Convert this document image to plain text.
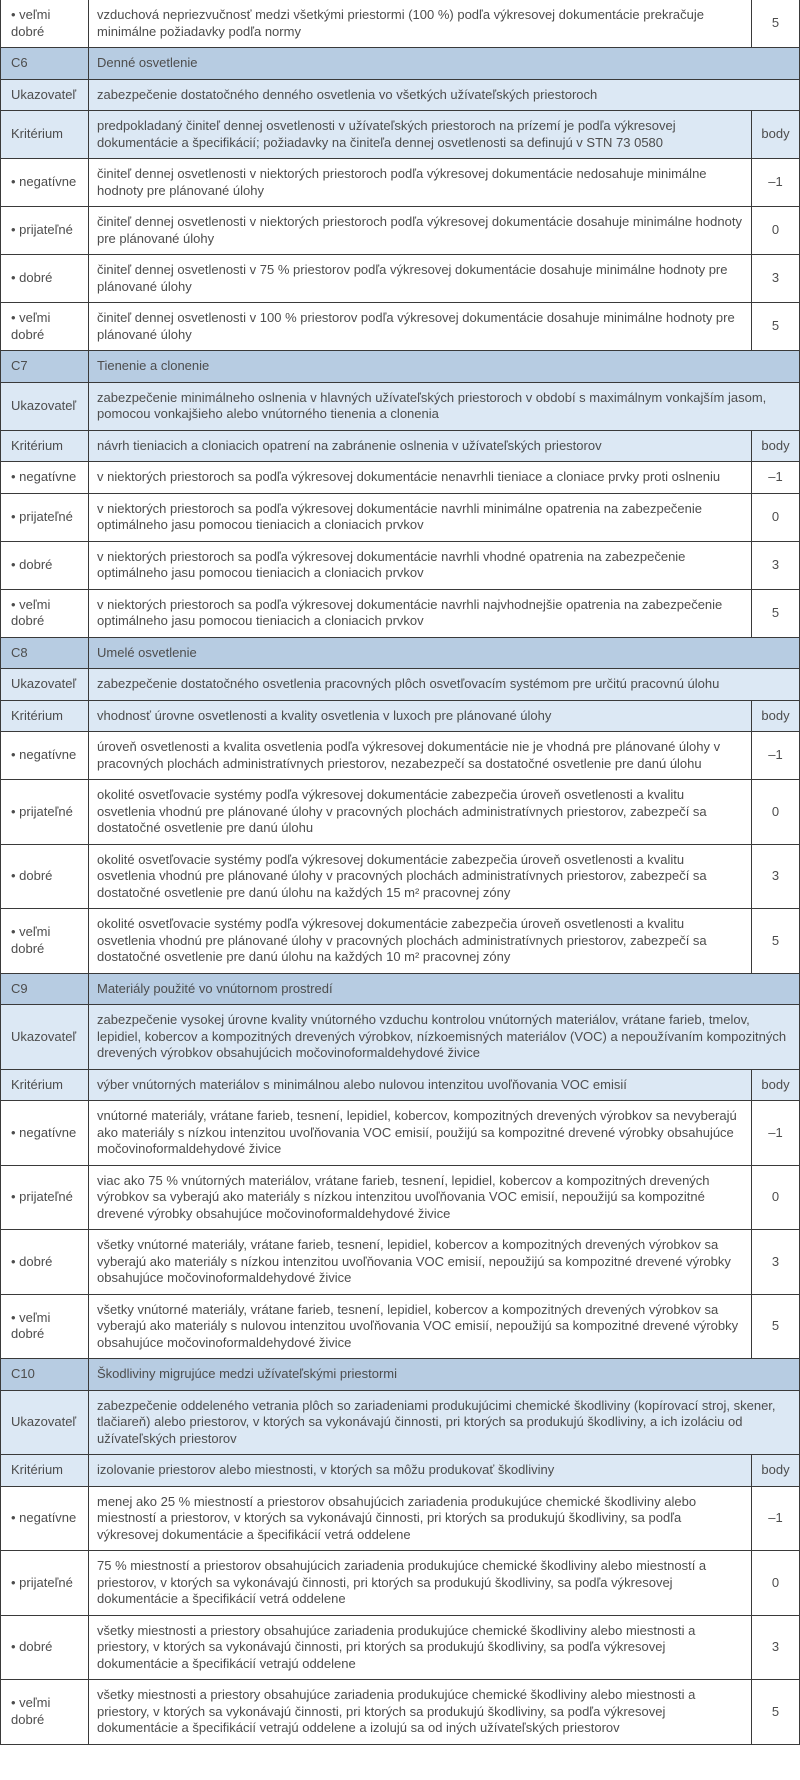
• veľmi dobré	vzduchová nepriezvučnosť medzi všetkými priestormi (100 %) podľa výkresovej dokumentácie prekračuje minimálne požiadavky podľa normy	5
C6	Denné osvetlenie	
Ukazovateľ	zabezpečenie dostatočného denného osvetlenia vo všetkých užívateľských priestoroch	
Kritérium	predpokladaný činiteľ dennej osvetlenosti v užívateľských priestoroch na prízemí je podľa výkresovej dokumentácie a špecifikácií; požiadavky na činiteľa dennej osvetlenosti sa definujú v STN 73 0580	body
• negatívne	činiteľ dennej osvetlenosti v niektorých priestoroch podľa výkresovej dokumentácie nedosahuje minimálne hodnoty pre plánované úlohy	–1
• prijateľné	činiteľ dennej osvetlenosti v niektorých priestoroch podľa výkresovej dokumentácie dosahuje minimálne hodnoty pre plánované úlohy	0
• dobré	činiteľ dennej osvetlenosti v 75 % priestorov podľa výkresovej dokumentácie dosahuje minimálne hodnoty pre plánované úlohy	3
• veľmi dobré	činiteľ dennej osvetlenosti v 100 % priestorov podľa výkresovej dokumentácie dosahuje minimálne hodnoty pre plánované úlohy	5
C7	Tienenie a clonenie	
Ukazovateľ	zabezpečenie minimálneho oslnenia v hlavných užívateľských priestoroch v období s maximálnym vonkajším jasom, pomocou vonkajšieho alebo vnútorného tienenia a clonenia	
Kritérium	návrh tieniacich a cloniacich opatrení na zabránenie oslnenia v užívateľských priestorov	body
• negatívne	v niektorých priestoroch sa podľa výkresovej dokumentácie nenavrhli tieniace a cloniace prvky proti oslneniu	–1
• prijateľné	v niektorých priestoroch sa podľa výkresovej dokumentácie navrhli minimálne opatrenia na zabezpečenie optimálneho jasu pomocou tieniacich a cloniacich prvkov	0
• dobré	v niektorých priestoroch sa podľa výkresovej dokumentácie navrhli vhodné opatrenia na zabezpečenie optimálneho jasu pomocou tieniacich a cloniacich prvkov	3
• veľmi dobré	v niektorých priestoroch sa podľa výkresovej dokumentácie navrhli najvhodnejšie opatrenia na zabezpečenie optimálneho jasu pomocou tieniacich a cloniacich prvkov	5
C8	Umelé osvetlenie	
Ukazovateľ	zabezpečenie dostatočného osvetlenia pracovných plôch osvetľovacím systémom pre určitú pracovnú úlohu	
Kritérium	vhodnosť úrovne osvetlenosti a kvality osvetlenia v luxoch pre plánované úlohy	body
• negatívne	úroveň osvetlenosti a kvalita osvetlenia podľa výkresovej dokumentácie nie je vhodná pre plánované úlohy v pracovných plochách administratívnych priestorov, nezabezpečí sa dostatočné osvetlenie pre danú úlohu	–1
• prijateľné	okolité osvetľovacie systémy podľa výkresovej dokumentácie zabezpečia úroveň osvetlenosti a kvalitu osvetlenia vhodnú pre plánované úlohy v pracovných plochách administratívnych priestorov, zabezpečí sa dostatočné osvetlenie pre danú úlohu	0
• dobré	okolité osvetľovacie systémy podľa výkresovej dokumentácie zabezpečia úroveň osvetlenosti a kvalitu osvetlenia vhodnú pre plánované úlohy v pracovných plochách administratívnych priestorov, zabezpečí sa dostatočné osvetlenie pre danú úlohu na každých 15 m² pracovnej zóny	3
• veľmi dobré	okolité osvetľovacie systémy podľa výkresovej dokumentácie zabezpečia úroveň osvetlenosti a kvalitu osvetlenia vhodnú pre plánované úlohy v pracovných plochách administratívnych priestorov, zabezpečí sa dostatočné osvetlenie pre danú úlohu na každých 10 m² pracovnej zóny	5
C9	Materiály použité vo vnútornom prostredí	
Ukazovateľ	zabezpečenie vysokej úrovne kvality vnútorného vzduchu kontrolou vnútorných materiálov, vrátane farieb, tmelov, lepidiel, kobercov a kompozitných drevených výrobkov, nízkoemisných materiálov (VOC) a nepoužívaním kompozitných drevených výrobkov obsahujúcich močovinoformaldehydové živice	
Kritérium	výber vnútorných materiálov s minimálnou alebo nulovou intenzitou uvoľňovania VOC emisií	body
• negatívne	vnútorné materiály, vrátane farieb, tesnení, lepidiel, kobercov, kompozitných drevených výrobkov sa nevyberajú ako materiály s nízkou intenzitou uvoľňovania VOC emisií, použijú sa kompozitné drevené výrobky obsahujúce močovinoformaldehydové živice	–1
• prijateľné	viac ako 75 % vnútorných materiálov, vrátane farieb, tesnení, lepidiel, kobercov a kompozitných drevených výrobkov sa vyberajú ako materiály s nízkou intenzitou uvoľňovania VOC emisií, nepoužijú sa kompozitné drevené výrobky obsahujúce močovinoformaldehydové živice	0
• dobré	všetky vnútorné materiály, vrátane farieb, tesnení, lepidiel, kobercov a kompozitných drevených výrobkov sa vyberajú ako materiály s nízkou intenzitou uvoľňovania VOC emisií, nepoužijú sa kompozitné drevené výrobky obsahujúce močovinoformaldehydové živice	3
• veľmi dobré	všetky vnútorné materiály, vrátane farieb, tesnení, lepidiel, kobercov a kompozitných drevených výrobkov sa vyberajú ako materiály s nulovou intenzitou uvoľňovania VOC emisií, nepoužijú sa kompozitné drevené výrobky obsahujúce močovinoformaldehydové živice	5
C10	Škodliviny migrujúce medzi užívateľskými priestormi	
Ukazovateľ	zabezpečenie oddeleného vetrania plôch so zariadeniami produkujúcimi chemické škodliviny (kopírovací stroj, skener, tlačiareň) alebo priestorov, v ktorých sa vykonávajú činnosti, pri ktorých sa produkujú škodliviny, a ich izoláciu od užívateľských priestorov	
Kritérium	izolovanie priestorov alebo miestnosti, v ktorých sa môžu produkovať škodliviny	body
• negatívne	menej ako 25 % miestností a priestorov obsahujúcich zariadenia produkujúce chemické škodliviny alebo miestností a priestorov, v ktorých sa vykonávajú činnosti, pri ktorých sa produkujú škodliviny, sa podľa výkresovej dokumentácie a špecifikácií vetrá oddelene	–1
• prijateľné	75 % miestností a priestorov obsahujúcich zariadenia produkujúce chemické škodliviny alebo miestností a priestorov, v ktorých sa vykonávajú činnosti, pri ktorých sa produkujú škodliviny, sa podľa výkresovej dokumentácie a špecifikácií vetrá oddelene	0
• dobré	všetky miestnosti a priestory obsahujúce zariadenia produkujúce chemické škodliviny alebo miestnosti a priestory, v ktorých sa vykonávajú činnosti, pri ktorých sa produkujú škodliviny, sa podľa výkresovej dokumentácie a špecifikácií vetrajú oddelene	3
• veľmi dobré	všetky miestnosti a priestory obsahujúce zariadenia produkujúce chemické škodliviny alebo miestnosti a priestory, v ktorých sa vykonávajú činnosti, pri ktorých sa produkujú škodliviny, sa podľa výkresovej dokumentácie a špecifikácií vetrajú oddelene a izolujú sa od iných užívateľských priestorov	5
